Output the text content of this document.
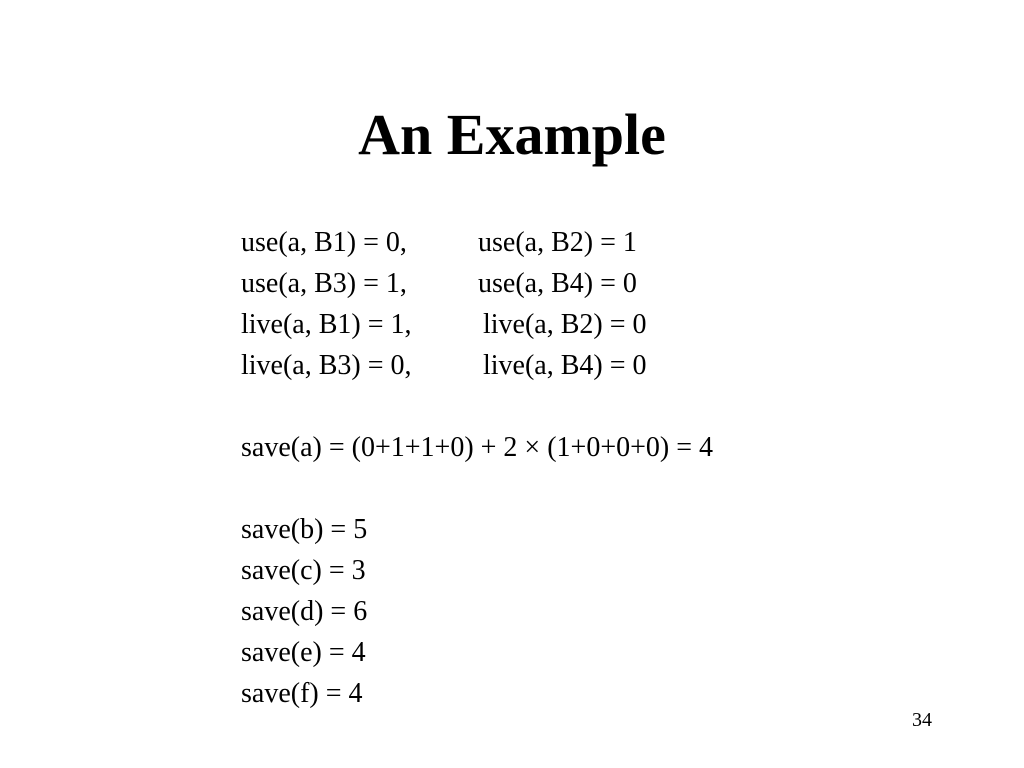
An Example
use(a, B1) = 0,	use(a, B2) = 1
use(a, B3) = 1,	use(a, B4) = 0
live(a, B1) = 1,	live(a, B2) = 0
live(a, B3) = 0,	live(a, B4) = 0
save(a) = (0+1+1+0) + 2 × (1+0+0+0) = 4
save(b) = 5
save(c) = 3
save(d) = 6
save(e) = 4
save(f) = 4
34
